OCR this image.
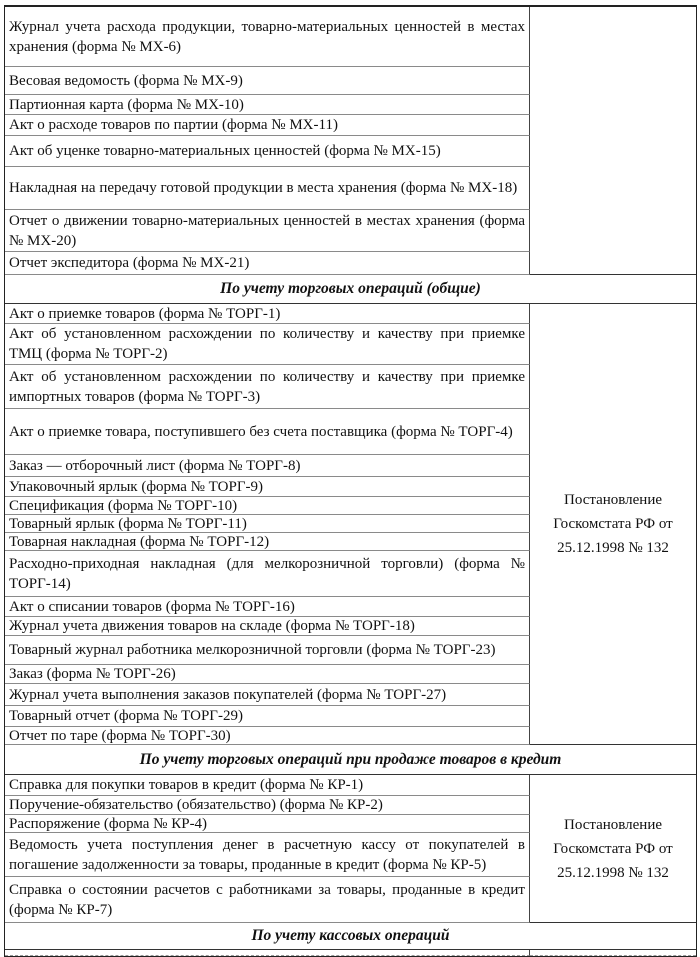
Журнал учета расхода продукции, товарно-материальных ценностей в местах хранения (форма № МХ-6)
Весовая ведомость (форма № МХ-9)
Партионная карта (форма № МХ-10)
Акт о расходе товаров по партии (форма № МХ-11)
Акт об уценке товарно-материальных ценностей (форма № МХ-15)
Накладная на передачу готовой продукции в места хранения (форма № МХ-18)
Отчет о движении товарно-материальных ценностей в местах хранения (форма № МХ-20)
Отчет экспедитора (форма № МХ-21)
По учету торговых операций (общие)
Постановление Госкомстата РФ от 25.12.1998 № 132
Акт о приемке товаров (форма № ТОРГ-1)
Акт об установленном расхождении по количеству и качеству при приемке ТМЦ (форма № ТОРГ-2)
Акт об установленном расхождении по количеству и качеству при приемке импортных товаров (форма № ТОРГ-3)
Акт о приемке товара, поступившего без счета поставщика (форма № ТОРГ-4)
Заказ — отборочный лист (форма № ТОРГ-8)
Упаковочный ярлык (форма № ТОРГ-9)
Спецификация (форма № ТОРГ-10)
Товарный ярлык (форма № ТОРГ-11)
Товарная накладная (форма № ТОРГ-12)
Расходно-приходная накладная (для мелкорозничной торговли) (форма № ТОРГ-14)
Акт о списании товаров (форма № ТОРГ-16)
Журнал учета движения товаров на складе (форма № ТОРГ-18)
Товарный журнал работника мелкорозничной торговли (форма № ТОРГ-23)
Заказ (форма № ТОРГ-26)
Журнал учета выполнения заказов покупателей (форма № ТОРГ-27)
Товарный отчет (форма № ТОРГ-29)
Отчет по таре (форма № ТОРГ-30)
По учету торговых операций при продаже товаров в кредит
Постановление Госкомстата РФ от 25.12.1998 № 132
Справка для покупки товаров в кредит (форма № КР-1)
Поручение-обязательство (обязательство) (форма № КР-2)
Распоряжение (форма № КР-4)
Ведомость учета поступления денег в расчетную кассу от покупателей в погашение задолженности за товары, проданные в кредит (форма № КР-5)
Справка о состоянии расчетов с работниками за товары, проданные в кредит (форма № КР-7)
По учету кассовых операций
